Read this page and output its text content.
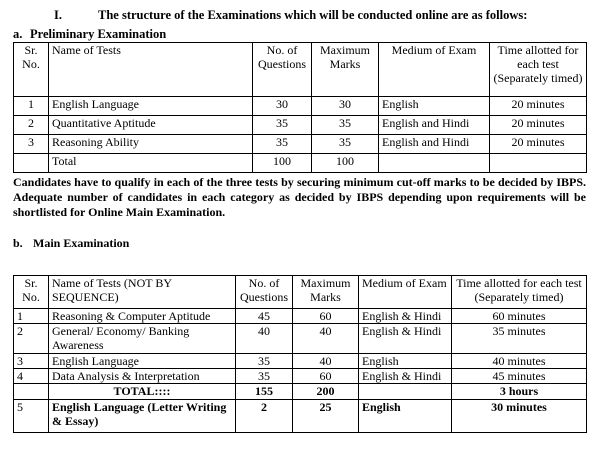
I.	The structure of the Examinations which will be conducted online are as follows:
a. Preliminary Examination
Sr. No.	Name of Tests	No. of Questions	Maximum Marks	Medium of Exam	Time allotted for each test (Separately timed)
1	English Language	30	30	English	20 minutes
2	Quantitative Aptitude	35	35	English and Hindi	20 minutes
3	Reasoning Ability	35	35	English and Hindi	20 minutes
	Total	100	100		
Candidates have to qualify in each of the three tests by securing minimum cut-off marks to be decided by IBPS. Adequate number of candidates in each category as decided by IBPS depending upon requirements will be shortlisted for Online Main Examination.
b. Main Examination
Sr. No.	Name of Tests (NOT BY SEQUENCE)	No. of Questions	Maximum Marks	Medium of Exam	Time allotted for each test (Separately timed)
1	Reasoning & Computer Aptitude	45	60	English & Hindi	60 minutes
2	General/ Economy/ Banking Awareness	40	40	English & Hindi	35 minutes
3	English Language	35	40	English	40 minutes
4	Data Analysis & Interpretation	35	60	English & Hindi	45 minutes
	TOTAL::::	155	200		3 hours
5	English Language (Letter Writing & Essay)	2	25	English	30 minutes
